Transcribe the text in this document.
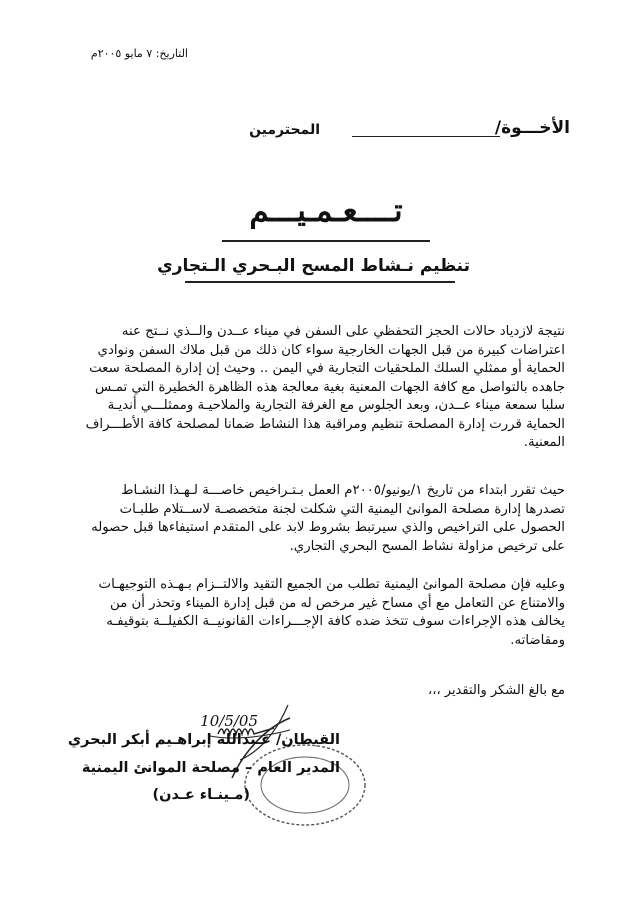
التاريخ: ٧ مايو ٢٠٠٥م
الأخـــوة/
المحترمين
تــــعـمـيـــم
تنظيم نـشاط المسح البـحري الـتجاري

نتيجة لازدياد حالات الحجز التحفظي على السفن في ميناء عــدن والــذي نــتج عنه

اعتراضات كبيرة من قبل الجهات الخارجية سواء كان ذلك من قبل ملاك السفن ونوادي

الحماية أو ممثلي السلك الملحقيات التجارية في اليمن .. وحيث إن إدارة المصلحة سعت

جاهده بالتواصل مع كافة الجهات المعنية بغية معالجة هذه الظاهرة الخطيرة التي تمـس

سلبا سمعة ميناء عــدن، وبعد الجلوس مع الغرفة التجارية والملاحيـة وممثلـــي أنديـة

الحماية قررت إدارة المصلحة تنظيم ومراقبة هذا النشاط ضمانا لمصلحة كافة الأطـــراف

المعنية.

حيث تقرر ابتداء من تاريخ ١/يونيو/٢٠٠٥م العمل بـتـراخيص خاصـــة لـهـذا النشـاط

تصدرها إدارة مصلحة الموانئ اليمنية التي شكلت لجنة متخصصـة لاســتلام طلبـات

الحصول على التراخيص والذي سيرتبط بشروط لابد على المتقدم استيفاءها قبل حصوله

على ترخيص مزاولة نشاط المسح البحري التجاري.

وعليه فإن مصلحة الموانئ اليمنية تطلب من الجميع التقيد والالتــزام بـهـذه التوجيهـات

والامتناع عن التعامل مع أي مساح غير مرخص له من قبل إدارة الميناء وتحذر أن من

يخالف هذه الإجراءات سوف تتخذ ضده كافة الإجـــراءات القانونيــة الكفيلــة بتوقيفـه

ومقاضاته.

مع بالغ الشكر والتقدير ،،،
10/5/05
القبطان/ عـبدالله إبراهـيم أبكر البحري
المدير العام – مصلحة الموانئ اليمنية
(مـينـاء عـدن)
